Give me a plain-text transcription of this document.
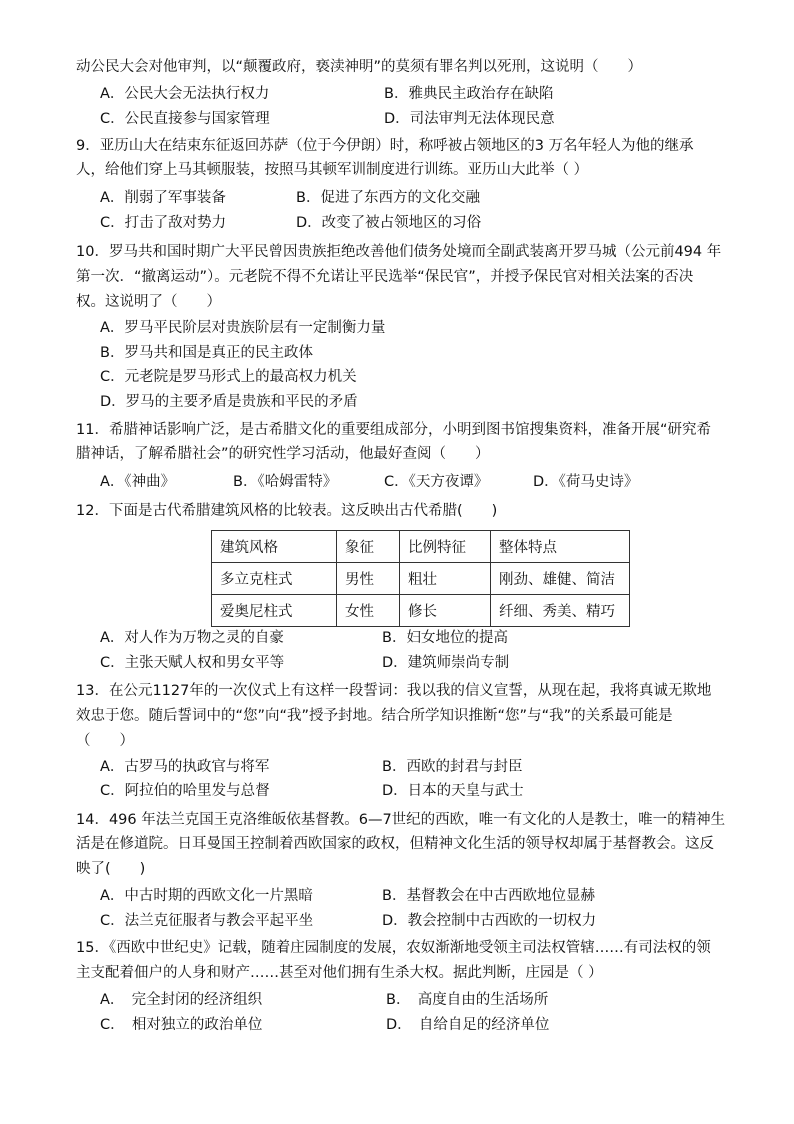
动公民大会对他审判，以“颠覆政府，亵渎神明”的莫须有罪名判以死刑，这说明（　　）
A．公民大会无法执行权力	B．雅典民主政治存在缺陷
C．公民直接参与国家管理	D．司法审判无法体现民意
9．亚历山大在结束东征返回苏萨（位于今伊朗）时，称呼被占领地区的3 万名年轻人为他的继承
人，给他们穿上马其顿服装，按照马其顿军训制度进行训练。亚历山大此举（ ）
A．削弱了军事装备	B．促进了东西方的文化交融
C．打击了敌对势力	D．改变了被占领地区的习俗
10．罗马共和国时期广大平民曾因贵族拒绝改善他们债务处境而全副武装离开罗马城（公元前494 年
第一次．“撤离运动”）。元老院不得不允诺让平民选举“保民官”，并授予保民官对相关法案的否决
权。这说明了（　　）
A．罗马平民阶层对贵族阶层有一定制衡力量
B．罗马共和国是真正的民主政体
C．元老院是罗马形式上的最高权力机关
D．罗马的主要矛盾是贵族和平民的矛盾
11．希腊神话影响广泛，是古希腊文化的重要组成部分，小明到图书馆搜集资料，准备开展“研究希
腊神话，了解希腊社会”的研究性学习活动，他最好查阅（　　）
A．《神曲》	B．《哈姆雷特》	C．《天方夜谭》	D．《荷马史诗》
12．下面是古代希腊建筑风格的比较表。这反映出古代希腊(　　)
建筑风格	象征	比例特征	整体特点
多立克柱式	男性	粗壮	刚劲、雄健、简洁
爱奥尼柱式	女性	修长	纤细、秀美、精巧
A．对人作为万物之灵的自豪	B．妇女地位的提高
C．主张天赋人权和男女平等	D．建筑师崇尚专制
13．在公元1127年的一次仪式上有这样一段誓词：我以我的信义宣誓，从现在起，我将真诚无欺地
效忠于您。随后誓词中的“您”向“我”授予封地。结合所学知识推断“您”与“我”的关系最可能是
（　　）
A．古罗马的执政官与将军	B．西欧的封君与封臣
C．阿拉伯的哈里发与总督	D．日本的天皇与武士
14．496 年法兰克国王克洛维皈依基督教。6—7世纪的西欧，唯一有文化的人是教士，唯一的精神生
活是在修道院。日耳曼国王控制着西欧国家的政权，但精神文化生活的领导权却属于基督教会。这反
映了(　　)
A．中古时期的西欧文化一片黑暗	B．基督教会在中古西欧地位显赫
C．法兰克征服者与教会平起平坐	D．教会控制中古西欧的一切权力
15．《西欧中世纪史》记载，随着庄园制度的发展，农奴渐渐地受领主司法权管辖……有司法权的领
主支配着佃户的人身和财产……甚至对他们拥有生杀大权。据此判断，庄园是（ ）
A．　完全封闭的经济组织	B．　高度自由的生活场所
C．　相对独立的政治单位	D．　自给自足的经济单位
